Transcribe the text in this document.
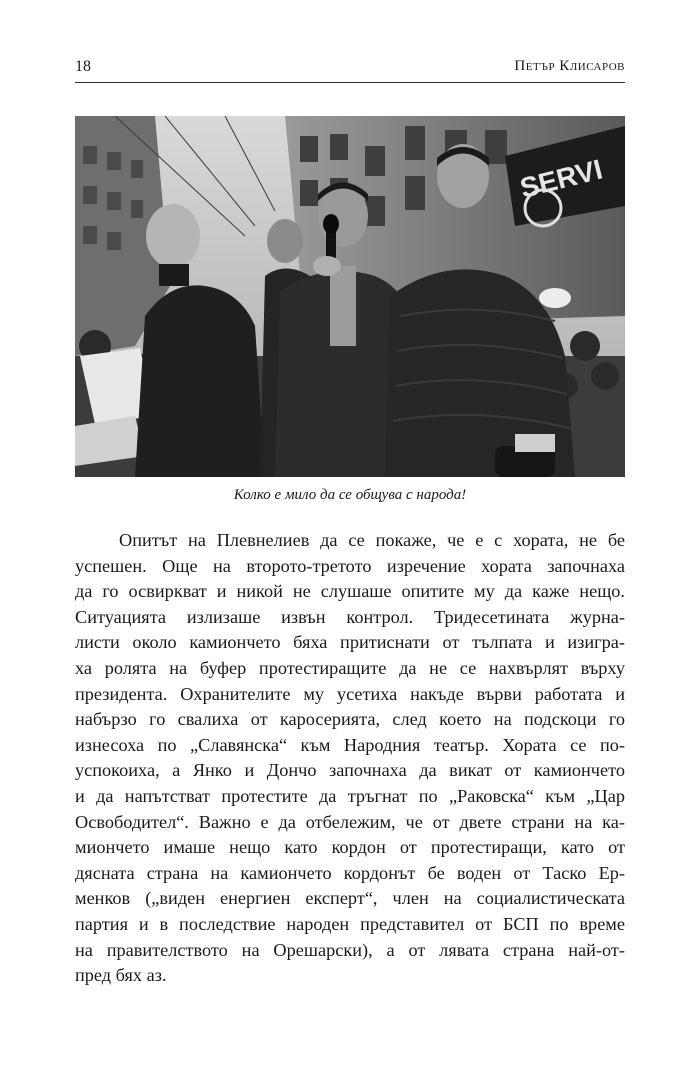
18	Петър Клисаров
SERVI
Колко е мило да се общува с народа!
Опитът на Плевнелиев да се покаже, че е с хората, не бе
успешен. Още на второто-третото изречение хората започнаха
да го освиркват и никой не слушаше опитите му да каже нещо.
Ситуацията излизаше извън контрол. Тридесетината журна-
листи около камиончето бяха притиснати от тълпата и изигра-
ха ролята на буфер протестиращите да не се нахвърлят върху
президента. Охранителите му усетиха накъде върви работата и
набързо го свалиха от каросерията, след което на подскоци го
изнесоха по „Славянска“ към Народния театър. Хората се по-
успокоиха, а Янко и Дончо започнаха да викат от камиончето
и да напътстват протестите да тръгнат по „Раковска“ към „Цар
Освободител“. Важно е да отбележим, че от двете страни на ка-
миончето имаше нещо като кордон от протестиращи, като от
дясната страна на камиончето кордонът бе воден от Таско Ер-
менков („виден енергиен експерт“, член на социалистическата
партия и в последствие народен представител от БСП по време
на правителството на Орешарски), а от лявата страна най-от-
пред бях аз.
